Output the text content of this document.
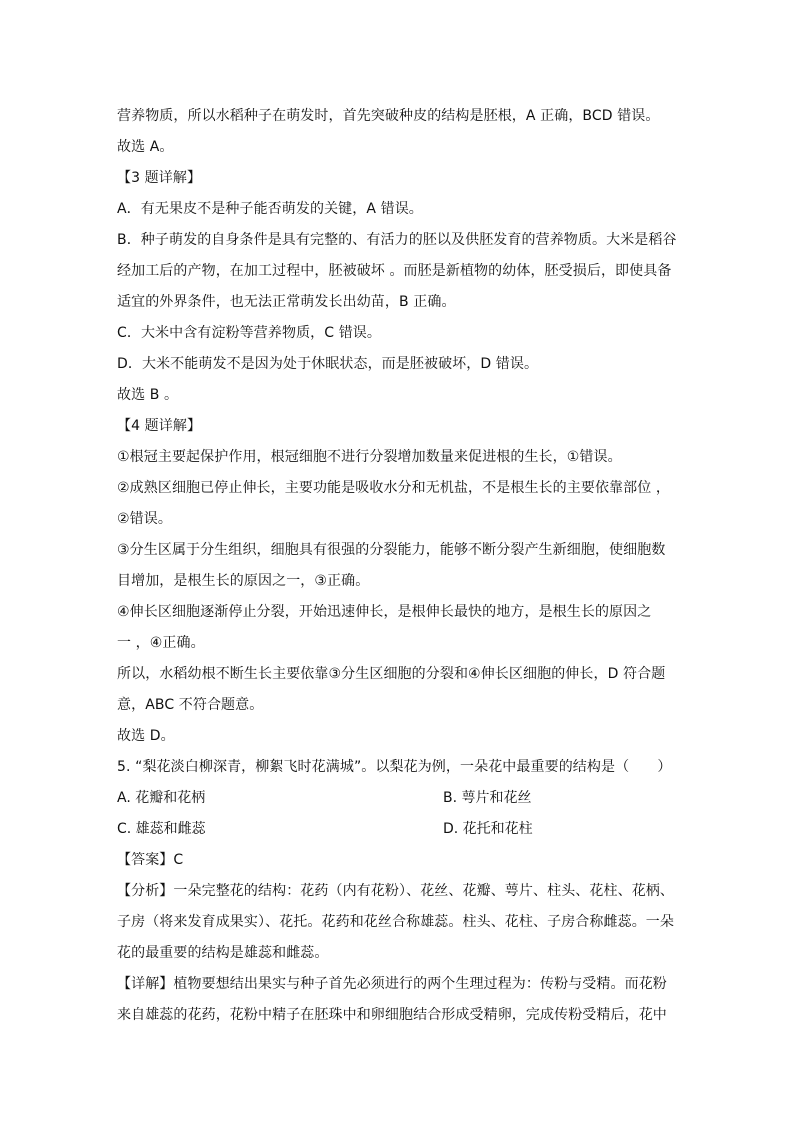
营养物质，所以水稻种子在萌发时，首先突破种皮的结构是胚根，A 正确，BCD 错误。
故选 A。
【3 题详解】
A．有无果皮不是种子能否萌发的关键，A 错误。
B．种子萌发的自身条件是具有完整的、有活力的胚以及供胚发育的营养物质。大米是稻谷
经加工后的产物，在加工过程中，胚被破坏 。而胚是新植物的幼体，胚受损后，即使具备
适宜的外界条件，也无法正常萌发长出幼苗，B 正确。
C．大米中含有淀粉等营养物质，C 错误。
D．大米不能萌发不是因为处于休眠状态，而是胚被破坏，D 错误。
故选 B 。
【4 题详解】
①根冠主要起保护作用，根冠细胞不进行分裂增加数量来促进根的生长，①错误。
②成熟区细胞已停止伸长，主要功能是吸收水分和无机盐，不是根生长的主要依靠部位 ，
②错误。
③分生区属于分生组织，细胞具有很强的分裂能力，能够不断分裂产生新细胞，使细胞数
目增加，是根生长的原因之一，③正确。
④伸长区细胞逐渐停止分裂，开始迅速伸长，是根伸长最快的地方，是根生长的原因之
一 ，④正确。
所以，水稻幼根不断生长主要依靠③分生区细胞的分裂和④伸长区细胞的伸长，D 符合题
意，ABC 不符合题意。
故选 D。
5. “梨花淡白柳深青，柳絮飞时花满城”。以梨花为例，一朵花中最重要的结构是（　　）
A. 花瓣和花柄	B. 萼片和花丝
C. 雄蕊和雌蕊	D. 花托和花柱
【答案】C
【分析】一朵完整花的结构：花药（内有花粉）、花丝、花瓣、萼片、柱头、花柱、花柄、
子房（将来发育成果实）、花托。花药和花丝合称雄蕊。柱头、花柱、子房合称雌蕊。一朵
花的最重要的结构是雄蕊和雌蕊。
【详解】植物要想结出果实与种子首先必须进行的两个生理过程为：传粉与受精。而花粉
来自雄蕊的花药，花粉中精子在胚珠中和卵细胞结合形成受精卵，完成传粉受精后，花中
